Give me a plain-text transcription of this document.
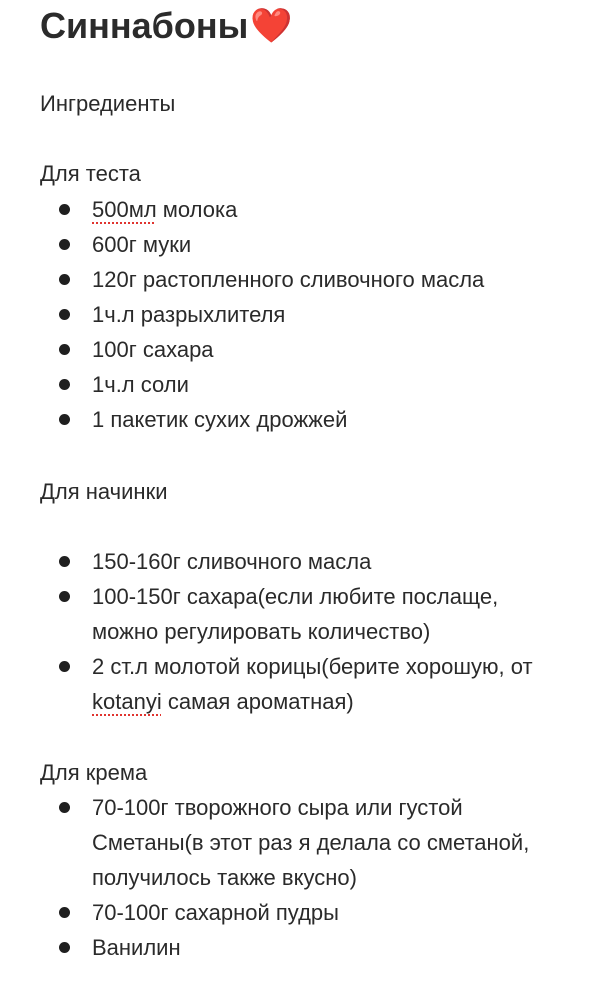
Синнабоны❤️
Ингредиенты
Для теста
500мл молока
600г муки
120г растопленного сливочного масла
1ч.л разрыхлителя
100г сахара
1ч.л соли
1 пакетик сухих дрожжей
Для начинки
150-160г сливочного масла
100-150г сахара(если любите послаще, можно регулировать количество)
2 ст.л молотой корицы(берите хорошую, от kotanyi самая ароматная)
Для крема
70-100г творожного сыра или густой Сметаны(в этот раз я делала со сметаной, получилось также вкусно)
70-100г сахарной пудры
Ванилин
